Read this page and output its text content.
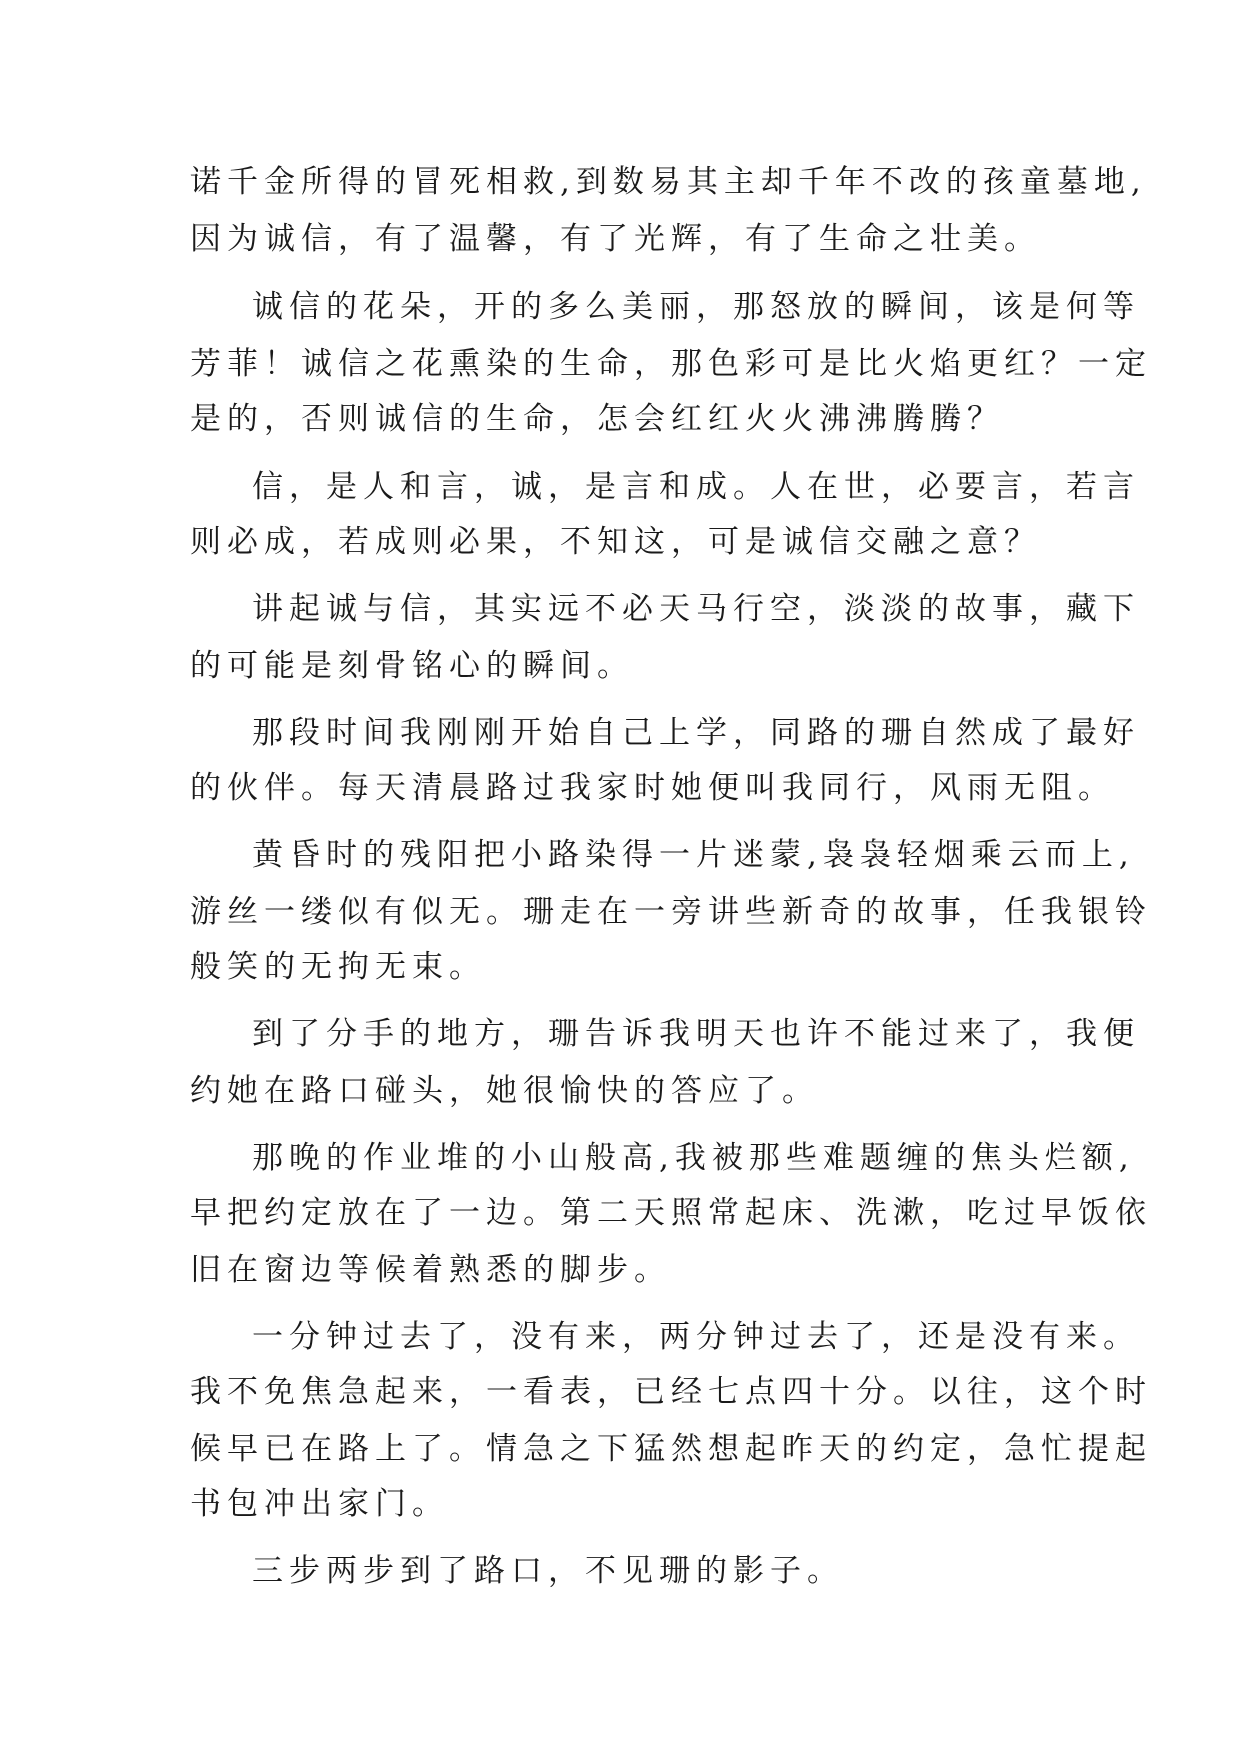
诺千金所得的冒死相救,到数易其主却千年不改的孩童墓地,
因为诚信，有了温馨，有了光辉，有了生命之壮美。
诚信的花朵，开的多么美丽，那怒放的瞬间，该是何等
芳菲！诚信之花熏染的生命，那色彩可是比火焰更红？一定
是的，否则诚信的生命，怎会红红火火沸沸腾腾？
信，是人和言，诚，是言和成。人在世，必要言，若言
则必成，若成则必果，不知这，可是诚信交融之意？
讲起诚与信，其实远不必天马行空，淡淡的故事，藏下
的可能是刻骨铭心的瞬间。
那段时间我刚刚开始自己上学，同路的珊自然成了最好
的伙伴。每天清晨路过我家时她便叫我同行，风雨无阻。
黄昏时的残阳把小路染得一片迷蒙,袅袅轻烟乘云而上,
游丝一缕似有似无。珊走在一旁讲些新奇的故事，任我银铃
般笑的无拘无束。
到了分手的地方，珊告诉我明天也许不能过来了，我便
约她在路口碰头，她很愉快的答应了。
那晚的作业堆的小山般高,我被那些难题缠的焦头烂额,
早把约定放在了一边。第二天照常起床、洗漱，吃过早饭依
旧在窗边等候着熟悉的脚步。
一分钟过去了，没有来，两分钟过去了，还是没有来。
我不免焦急起来，一看表，已经七点四十分。以往，这个时
候早已在路上了。情急之下猛然想起昨天的约定，急忙提起
书包冲出家门。
三步两步到了路口，不见珊的影子。
